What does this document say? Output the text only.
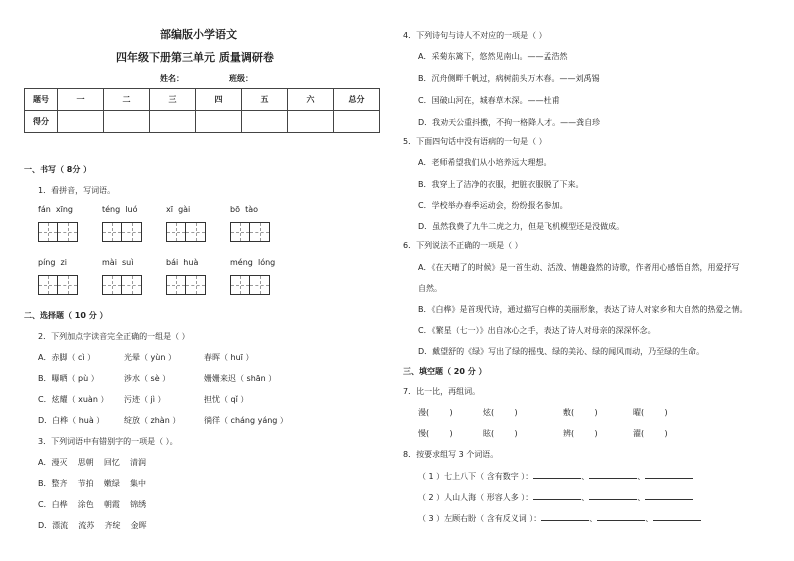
部编版小学语文
四年级下册第三单元 质量调研卷
姓名：	班级：
题号	一	二	三	四	五	六	总分
得分							
一、书写（ 8分 ）
1．看拼音，写词语。
fán xīng	téng luó	xī gài	bō tào
píng zi	mài suì	bái huà	méng lóng
二、选择题（ 10 分 ）
2．下列加点字读音完全正确的一组是（ ）
A．赤脚（ cì ）	光晕（ yùn ）	春晖（ huī ）
B．曝晒（ pù ）	涉水（ sè ）	姗姗来迟（ shān ）
C．炫耀（ xuàn ） 污迹（ jì ）	担忧（ qǐ ）
D．白桦（ huà ） 绽放（ zhàn ）	徜徉（ cháng yáng ）
3．下列词语中有错别字的一项是（ ）。
A．漫灭    思朝    回忆    清润
B．整齐    节拍    嫩绿    集中
C．白桦    涂色    朝霞    锦绣
D．漂流    流苏    齐绽    金晖
4．下列诗句与诗人不对应的一项是（ ）
A．采菊东篱下，悠然见南山。——孟浩然
B．沉舟侧畔千帆过，病树前头万木春。——刘禹锡
C．国破山河在，城春草木深。——杜甫
D．我劝天公重抖擞，不拘一格降人才。——龚自珍
5．下面四句话中没有语病的一句是（ ）
A．老师希望我们从小培养远大理想。
B．我穿上了洁净的衣服，把脏衣服脱了下来。
C．学校举办春季运动会，纷纷报名参加。
D．虽然我费了九牛二虎之力，但是飞机模型还是没做成。
6．下列说法不正确的一项是（ ）
A．《在天晴了的时候》是一首生动、活泼、情趣盎然的诗歌，作者用心感悟自然，用爱抒写
自然。
B．《白桦》是首现代诗，通过描写白桦的美丽形象，表达了诗人对家乡和大自然的热爱之情。
C．《繁星（七一）》出自冰心之手，表达了诗人对母亲的深深怀念。
D．戴望舒的《绿》写出了绿的摇曳、绿的美沁、绿的闻风而动，乃至绿的生命。
三、填空题（ 20 分 ）
7．比一比，再组词。
漫(        )	炫(        )	敷(        )	曜(        )
慢(        )	眩(        )	辨(        )	濯(        )
8．按要求组写 3 个词语。
（ 1 ）七上八下（ 含有数字 ）：	、	、
（ 2 ）人山人海（ 形容人多 ）：	、	、
（ 3 ）左顾右盼（ 含有反义词 ）：	、	、
